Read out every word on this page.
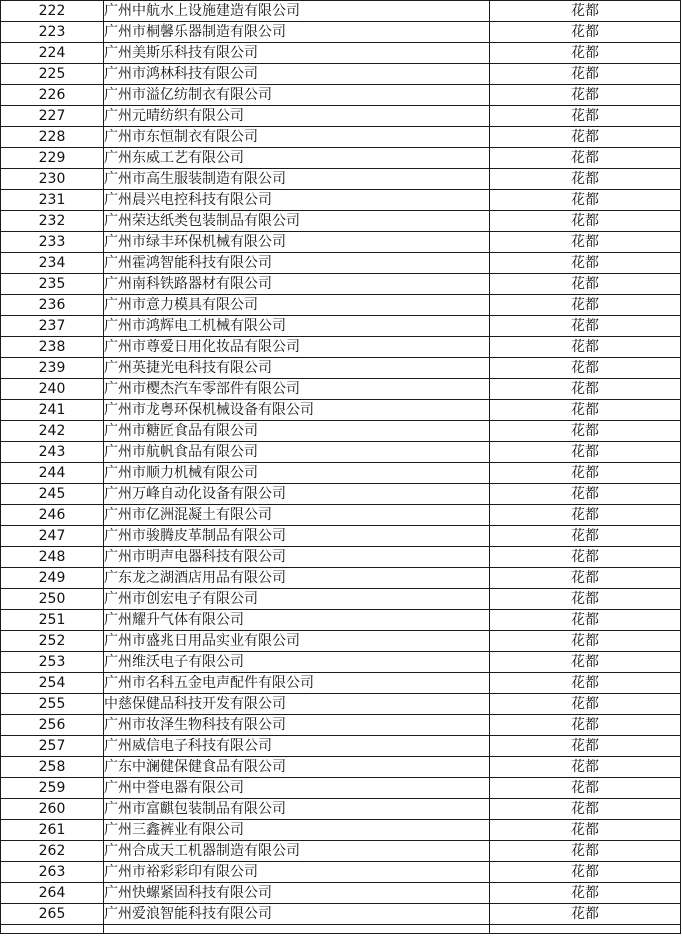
222	广州中航水上设施建造有限公司	花都
223	广州市桐馨乐器制造有限公司	花都
224	广州美斯乐科技有限公司	花都
225	广州市鸿林科技有限公司	花都
226	广州市溢亿纺制衣有限公司	花都
227	广州元晴纺织有限公司	花都
228	广州市东恒制衣有限公司	花都
229	广州东威工艺有限公司	花都
230	广州市高生服装制造有限公司	花都
231	广州晨兴电控科技有限公司	花都
232	广州荣达纸类包装制品有限公司	花都
233	广州市绿丰环保机械有限公司	花都
234	广州霍鸿智能科技有限公司	花都
235	广州南科铁路器材有限公司	花都
236	广州市意力模具有限公司	花都
237	广州市鸿辉电工机械有限公司	花都
238	广州市尊爱日用化妆品有限公司	花都
239	广州英捷光电科技有限公司	花都
240	广州市樱杰汽车零部件有限公司	花都
241	广州市龙粤环保机械设备有限公司	花都
242	广州市糖匠食品有限公司	花都
243	广州市航帆食品有限公司	花都
244	广州市顺力机械有限公司	花都
245	广州万峰自动化设备有限公司	花都
246	广州市亿洲混凝土有限公司	花都
247	广州市骏腾皮革制品有限公司	花都
248	广州市明声电器科技有限公司	花都
249	广东龙之湖酒店用品有限公司	花都
250	广州市创宏电子有限公司	花都
251	广州耀升气体有限公司	花都
252	广州市盛兆日用品实业有限公司	花都
253	广州维沃电子有限公司	花都
254	广州市名科五金电声配件有限公司	花都
255	中慈保健品科技开发有限公司	花都
256	广州市妆泽生物科技有限公司	花都
257	广州威信电子科技有限公司	花都
258	广东中澜健保健食品有限公司	花都
259	广州中誉电器有限公司	花都
260	广州市富麒包装制品有限公司	花都
261	广州三鑫裤业有限公司	花都
262	广州合成天工机器制造有限公司	花都
263	广州市裕彩彩印有限公司	花都
264	广州快螺紧固科技有限公司	花都
265	广州爱浪智能科技有限公司	花都
